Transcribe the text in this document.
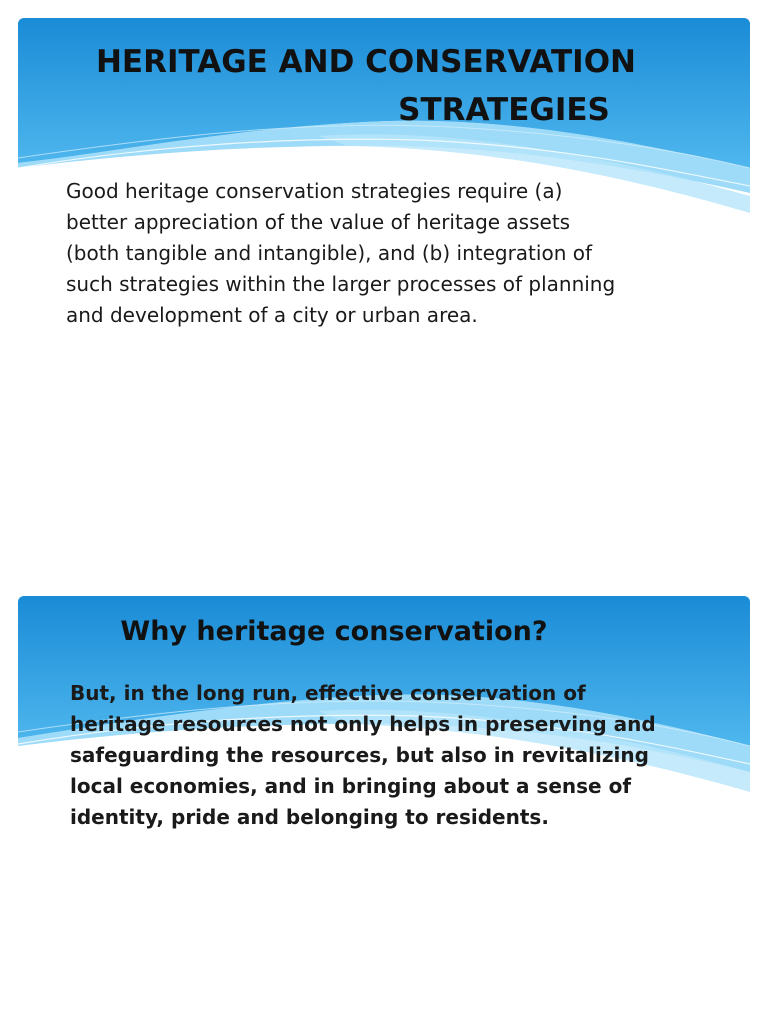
HERITAGE AND CONSERVATION
STRATEGIES

Good heritage conservation strategies require (a) better appreciation of the value of heritage assets (both tangible and intangible), and (b) integration of such strategies within the larger processes of planning and development of a city or urban area.

Why heritage conservation?

But, in the long run, effective conservation of heritage resources not only helps in preserving and safeguarding the resources, but also in revitalizing local economies, and in bringing about a sense of identity, pride and belonging to residents.
